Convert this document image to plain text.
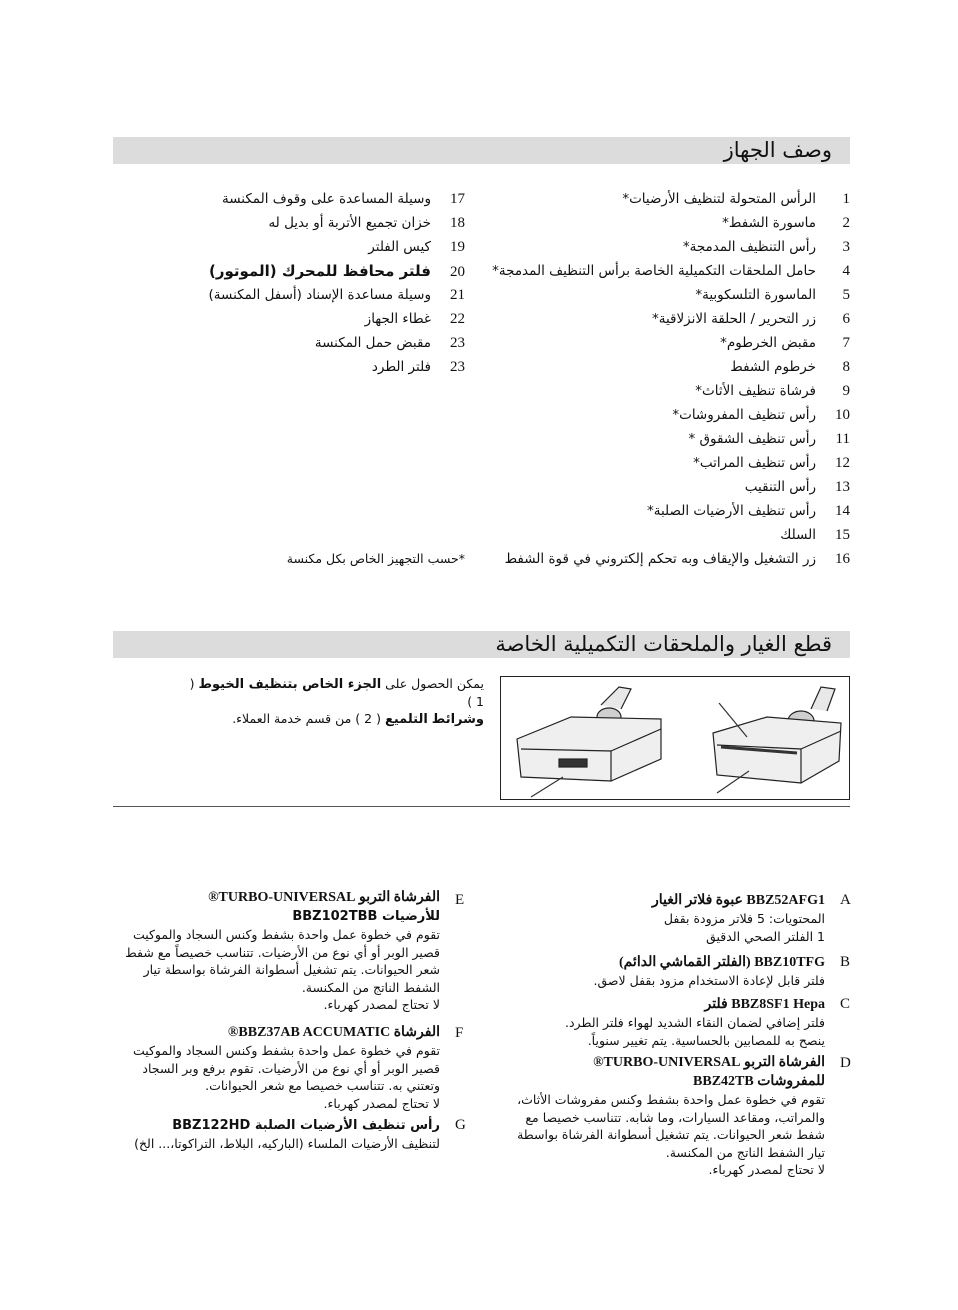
وصف الجهاز
1الرأس المتحولة لتنظيف الأرضيات*
2ماسورة الشفط*
3رأس التنظيف المدمجة*
4حامل الملحقات التكميلية الخاصة برأس التنظيف المدمجة*
5الماسورة التلسكوبية*
6زر التحرير / الحلقة الانزلاقية*
7مقبض الخرطوم*
8خرطوم الشفط
9فرشاة تنظيف الأثاث*
10رأس تنظيف المفروشات*
11رأس تنظيف الشقوق *
12رأس تنظيف المراتب*
13رأس التنقيب
14رأس تنظيف الأرضيات الصلبة*
15السلك
16زر التشغيل والإيقاف وبه تحكم إلكتروني في قوة الشفط
17وسيلة المساعدة على وقوف المكنسة
18خزان تجميع الأتربة أو بديل له
19كيس الفلتر
20فلتر محافظ للمحرك (الموتور)
21وسيلة مساعدة الإسناد (أسفل المكنسة)
22غطاء الجهاز
23مقبض حمل المكنسة
23فلتر الطرد
*حسب التجهيز الخاص بكل مكنسة
قطع الغيار والملحقات التكميلية الخاصة
يمكن الحصول على الجزء الخاص بتنظيف الخيوط ( 1 )
وشرائط التلميع ( 2 ) من قسم خدمة العملاء.
A
BBZ52AFG1 عبوة فلاتر الغيار
المحتويات: 5 فلاتر مزودة بقفل
1 الفلتر الصحي الدقيق
B
BBZ10TFG (الفلتر القماشي الدائم)
فلتر قابل لإعادة الاستخدام مزود بقفل لاصق.
C
BBZ8SF1 Hepa فلتر
فلتر إضافي لضمان النقاء الشديد لهواء فلتر الطرد.
ينصح به للمصابين بالحساسية. يتم تغيير سنوياً.
D
الفرشاة التربو TURBO-UNIVERSAL®
للمفروشات BBZ42TB
تقوم في خطوة عمل واحدة بشفط وكنس مفروشات الأثاث،
والمراتب، ومقاعد السيارات، وما شابه. تتناسب خصيصا مع
شفط شعر الحيوانات. يتم تشغيل أسطوانة الفرشاة بواسطة
تيار الشفط الناتج من المكنسة.
لا تحتاج لمصدر كهرباء.
E
الفرشاة التربو TURBO-UNIVERSAL®
للأرضيات BBZ102TBB
تقوم في خطوة عمل واحدة بشفط وكنس السجاد والموكيت
قصير الوبر أو أي نوع من الأرضيات. تتناسب خصيصاً مع شفط
شعر الحيوانات. يتم تشغيل أسطوانة الفرشاة بواسطة تيار
الشفط الناتج من المكنسة.
لا تحتاج لمصدر كهرباء.
F
الفرشاة BBZ37AB ACCUMATIC®
تقوم في خطوة عمل واحدة بشفط وكنس السجاد والموكيت
قصير الوبر أو أي نوع من الأرضيات. تقوم برفع وبر السجاد
وتعتني به. تتناسب خصيصا مع شعر الحيوانات.
لا تحتاج لمصدر كهرباء.
G
رأس تنظيف الأرضيات الصلبة BBZ122HD
لتنظيف الأرضيات الملساء (الباركيه، البلاط، التراكوتا،... الخ)
